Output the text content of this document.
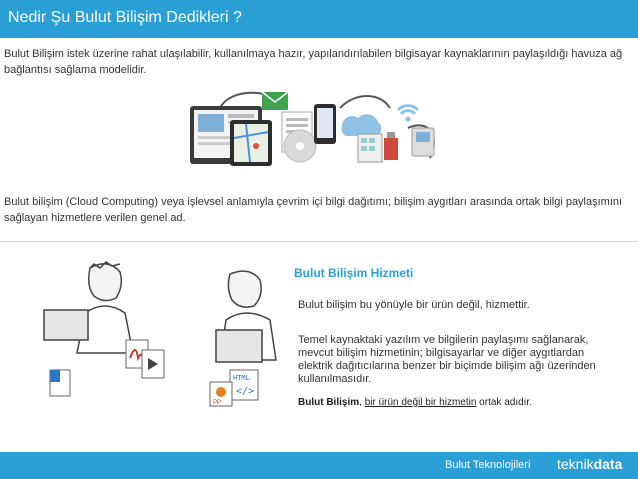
Nedir Şu Bulut Bilişim Dedikleri ?
Bulut Bilişim istek üzerine rahat ulaşılabilir, kullanılmaya hazır, yapılandırılabilen bilgisayar kaynaklarının paylaşıldığı havuza ağ bağlantısı sağlama modelidir.
Bulut bilişim (Cloud Computing) veya işlevsel anlamıyla çevrim içi bilgi dağıtımı; bilişim aygıtları arasında ortak bilgi paylaşımını sağlayan hizmetlere verilen genel ad.
HTML
</>
PP
Bulut Bilişim Hizmeti
Bulut bilişim bu yönüyle bir ürün değil, hizmettir.
Temel kaynaktaki yazılım ve bilgilerin paylaşımı sağlanarak, mevcut bilişim hizmetinin; bilgisayarlar ve diğer aygıtlardan elektrik dağıtıcılarına benzer bir biçimde bilişim ağı üzerinden kullanılmasıdır.
Bulut Bilişim, bir ürün değil bir hizmetin ortak adıdır.
Bulut Teknolojileri teknikdata
